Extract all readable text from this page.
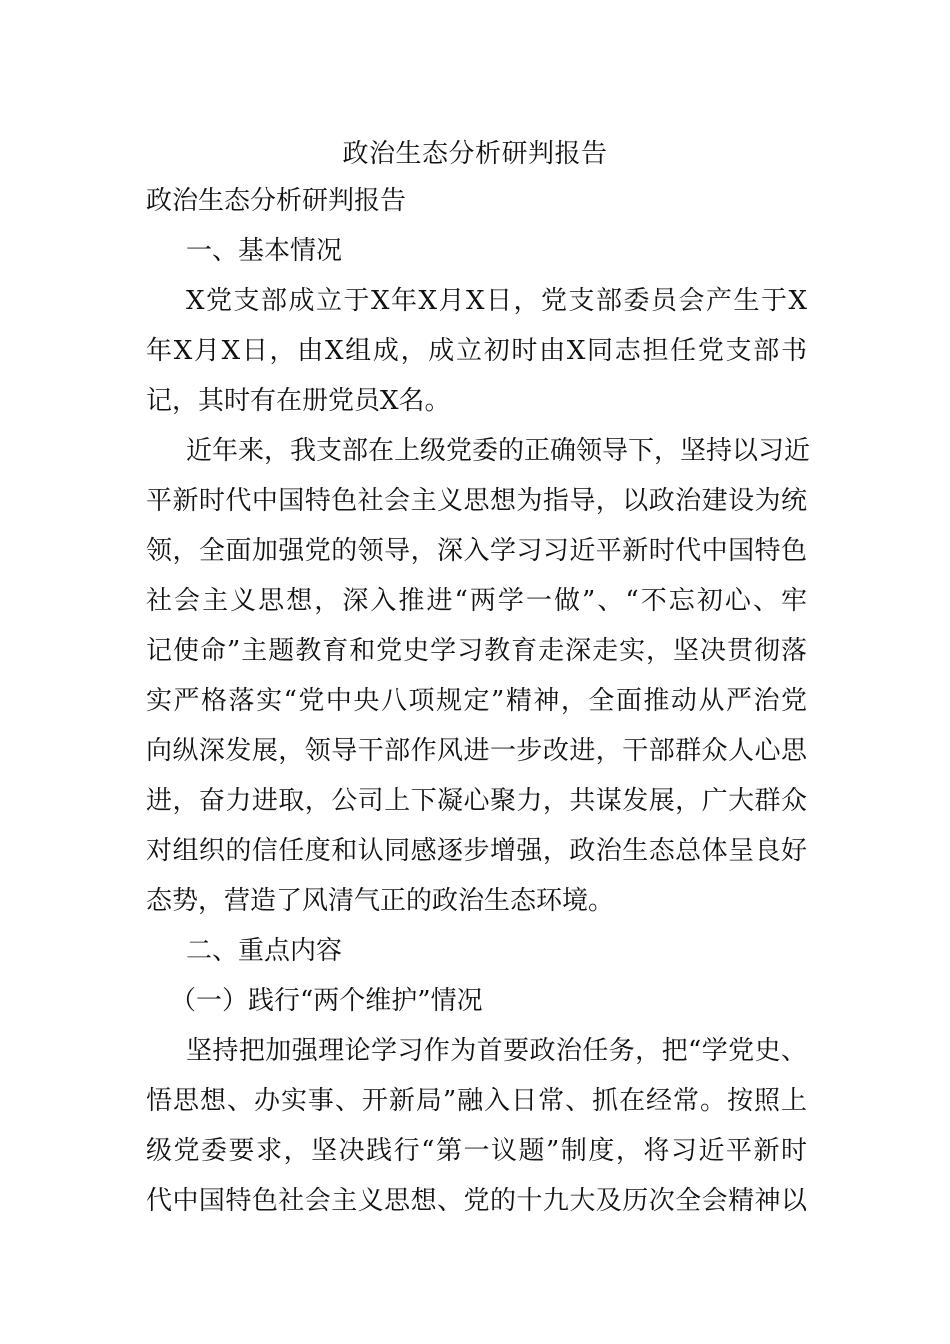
政治生态分析研判报告
政治生态分析研判报告
一、基本情况
X党支部成立于X年X月X日，党支部委员会产生于X
年X月X日，由X组成，成立初时由X同志担任党支部书
记，其时有在册党员X名。
近年来，我支部在上级党委的正确领导下，坚持以习近
平新时代中国特色社会主义思想为指导，以政治建设为统
领，全面加强党的领导，深入学习习近平新时代中国特色
社会主义思想，深入推进“两学一做”、“不忘初心、牢
记使命”主题教育和党史学习教育走深走实，坚决贯彻落
实严格落实“党中央八项规定”精神，全面推动从严治党
向纵深发展，领导干部作风进一步改进，干部群众人心思
进，奋力进取，公司上下凝心聚力，共谋发展，广大群众
对组织的信任度和认同感逐步增强，政治生态总体呈良好
态势，营造了风清气正的政治生态环境。
二、重点内容
（一）践行“两个维护”情况
坚持把加强理论学习作为首要政治任务，把“学党史、
悟思想、办实事、开新局”融入日常、抓在经常。按照上
级党委要求，坚决践行“第一议题”制度，将习近平新时
代中国特色社会主义思想、党的十九大及历次全会精神以
